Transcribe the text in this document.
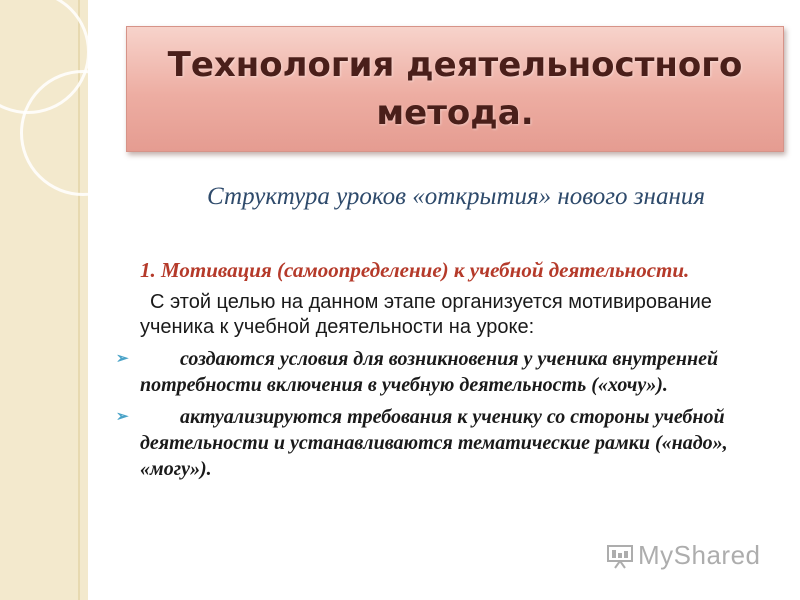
Технология деятельностного метода.
Структура уроков «открытия» нового знания
1. Мотивация (самоопределение) к учебной деятельности.
С этой целью на данном этапе организуется мотивирование ученика к учебной деятельности на уроке:
➢	создаются условия для возникновения у ученика внутренней потребности включения в учебную деятельность («хочу»).
➢	актуализируются требования к ученику со стороны учебной деятельности и устанавливаются тематические рамки («надо», «могу»).
MyShared
